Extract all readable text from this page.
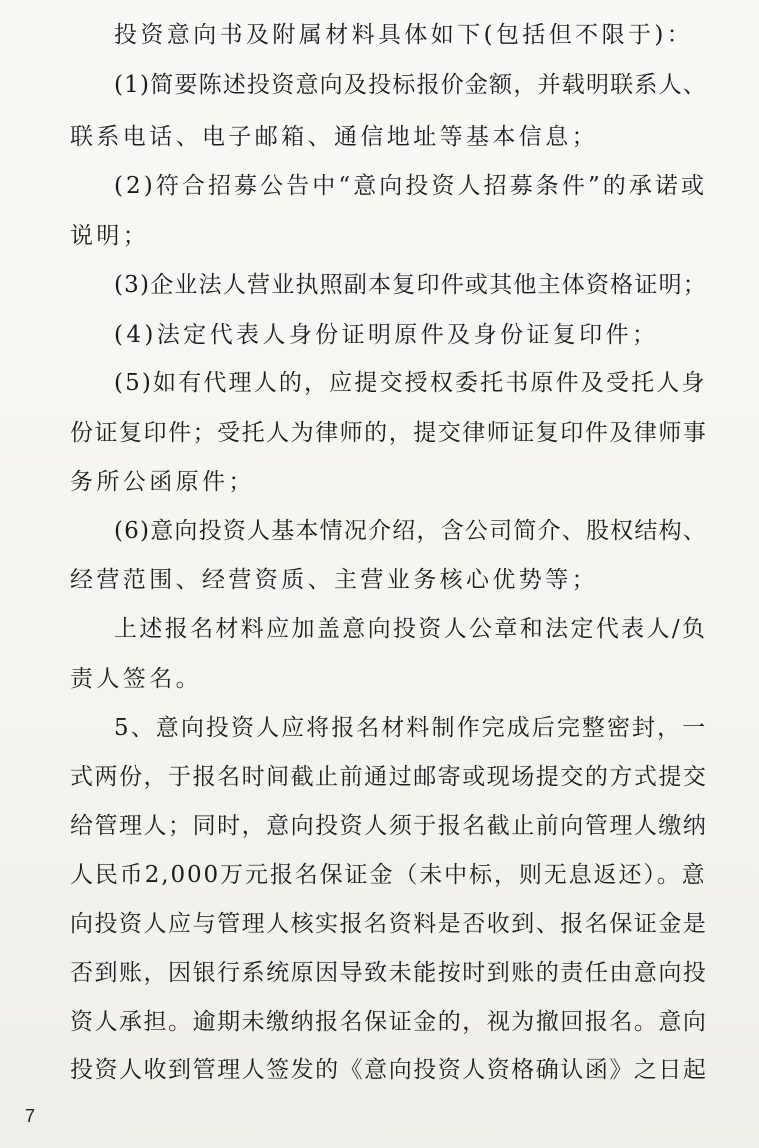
投资意向书及附属材料具体如下(包括但不限于)：
(1)简要陈述投资意向及投标报价金额，并载明联系人、
联系电话、电子邮箱、通信地址等基本信息；
(2)符合招募公告中“意向投资人招募条件”的承诺或
说明；
(3)企业法人营业执照副本复印件或其他主体资格证明；
(4)法定代表人身份证明原件及身份证复印件；
(5)如有代理人的，应提交授权委托书原件及受托人身
份证复印件；受托人为律师的，提交律师证复印件及律师事
务所公函原件；
(6)意向投资人基本情况介绍，含公司简介、股权结构、
经营范围、经营资质、主营业务核心优势等；
上述报名材料应加盖意向投资人公章和法定代表人/负
责人签名。
5、意向投资人应将报名材料制作完成后完整密封，一
式两份，于报名时间截止前通过邮寄或现场提交的方式提交
给管理人；同时，意向投资人须于报名截止前向管理人缴纳
人民币2,000万元报名保证金（未中标，则无息返还）。意
向投资人应与管理人核实报名资料是否收到、报名保证金是
否到账，因银行系统原因导致未能按时到账的责任由意向投
资人承担。逾期未缴纳报名保证金的，视为撤回报名。意向
投资人收到管理人签发的《意向投资人资格确认函》之日起
7
